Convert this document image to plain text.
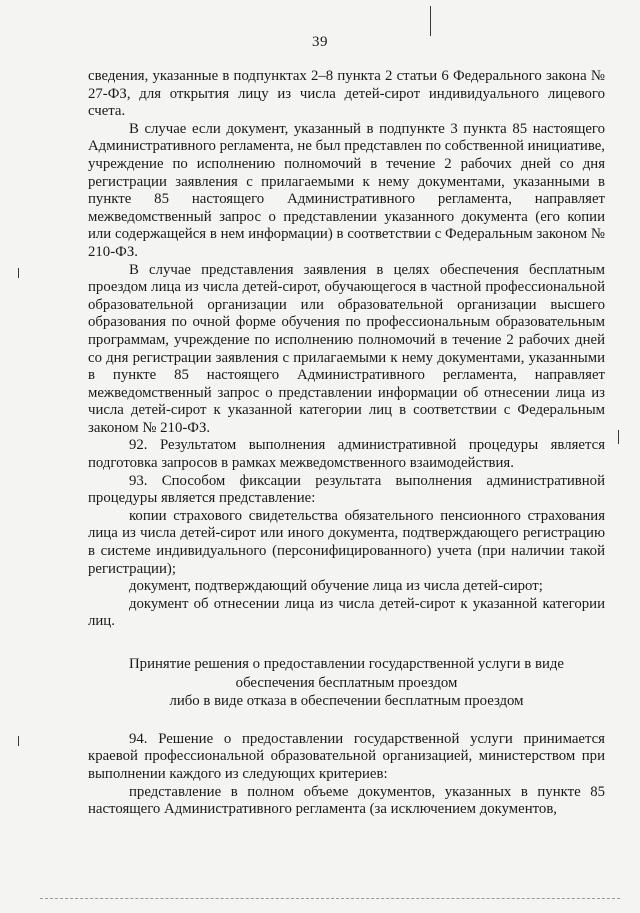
39

сведения, указанные в подпунктах 2–8 пункта 2 статьи 6 Федерального закона № 27-ФЗ, для открытия лицу из числа детей-сирот индивидуального лицевого счета.

В случае если документ, указанный в подпункте 3 пункта 85 настоящего Административного регламента, не был представлен по собственной инициативе, учреждение по исполнению полномочий в течение 2 рабочих дней со дня регистрации заявления с прилагаемыми к нему документами, указанными в пункте 85 настоящего Административного регламента, направляет межведомственный запрос о представлении указанного документа (его копии или содержащейся в нем информации) в соответствии с Федеральным законом № 210-ФЗ.

В случае представления заявления в целях обеспечения бесплатным проездом лица из числа детей-сирот, обучающегося в частной профессиональной образовательной организации или образовательной организации высшего образования по очной форме обучения по профессиональным образовательным программам, учреждение по исполнению полномочий в течение 2 рабочих дней со дня регистрации заявления с прилагаемыми к нему документами, указанными в пункте 85 настоящего Административного регламента, направляет межведомственный запрос о представлении информации об отнесении лица из числа детей-сирот к указанной категории лиц в соответствии с Федеральным законом № 210-ФЗ.

92. Результатом выполнения административной процедуры является подготовка запросов в рамках межведомственного взаимодействия.

93. Способом фиксации результата выполнения административной процедуры является представление:

копии страхового свидетельства обязательного пенсионного страхования лица из числа детей-сирот или иного документа, подтверждающего регистрацию в системе индивидуального (персонифицированного) учета (при наличии такой регистрации);

документ, подтверждающий обучение лица из числа детей-сирот;

документ об отнесении лица из числа детей-сирот к указанной категории лиц.

Принятие решения о предоставлении государственной услуги в виде
обеспечения бесплатным проездом
либо в виде отказа в обеспечении бесплатным проездом

94. Решение о предоставлении государственной услуги принимается краевой профессиональной образовательной организацией, министерством при выполнении каждого из следующих критериев:

представление в полном объеме документов, указанных в пункте 85 настоящего Административного регламента (за исключением документов,
